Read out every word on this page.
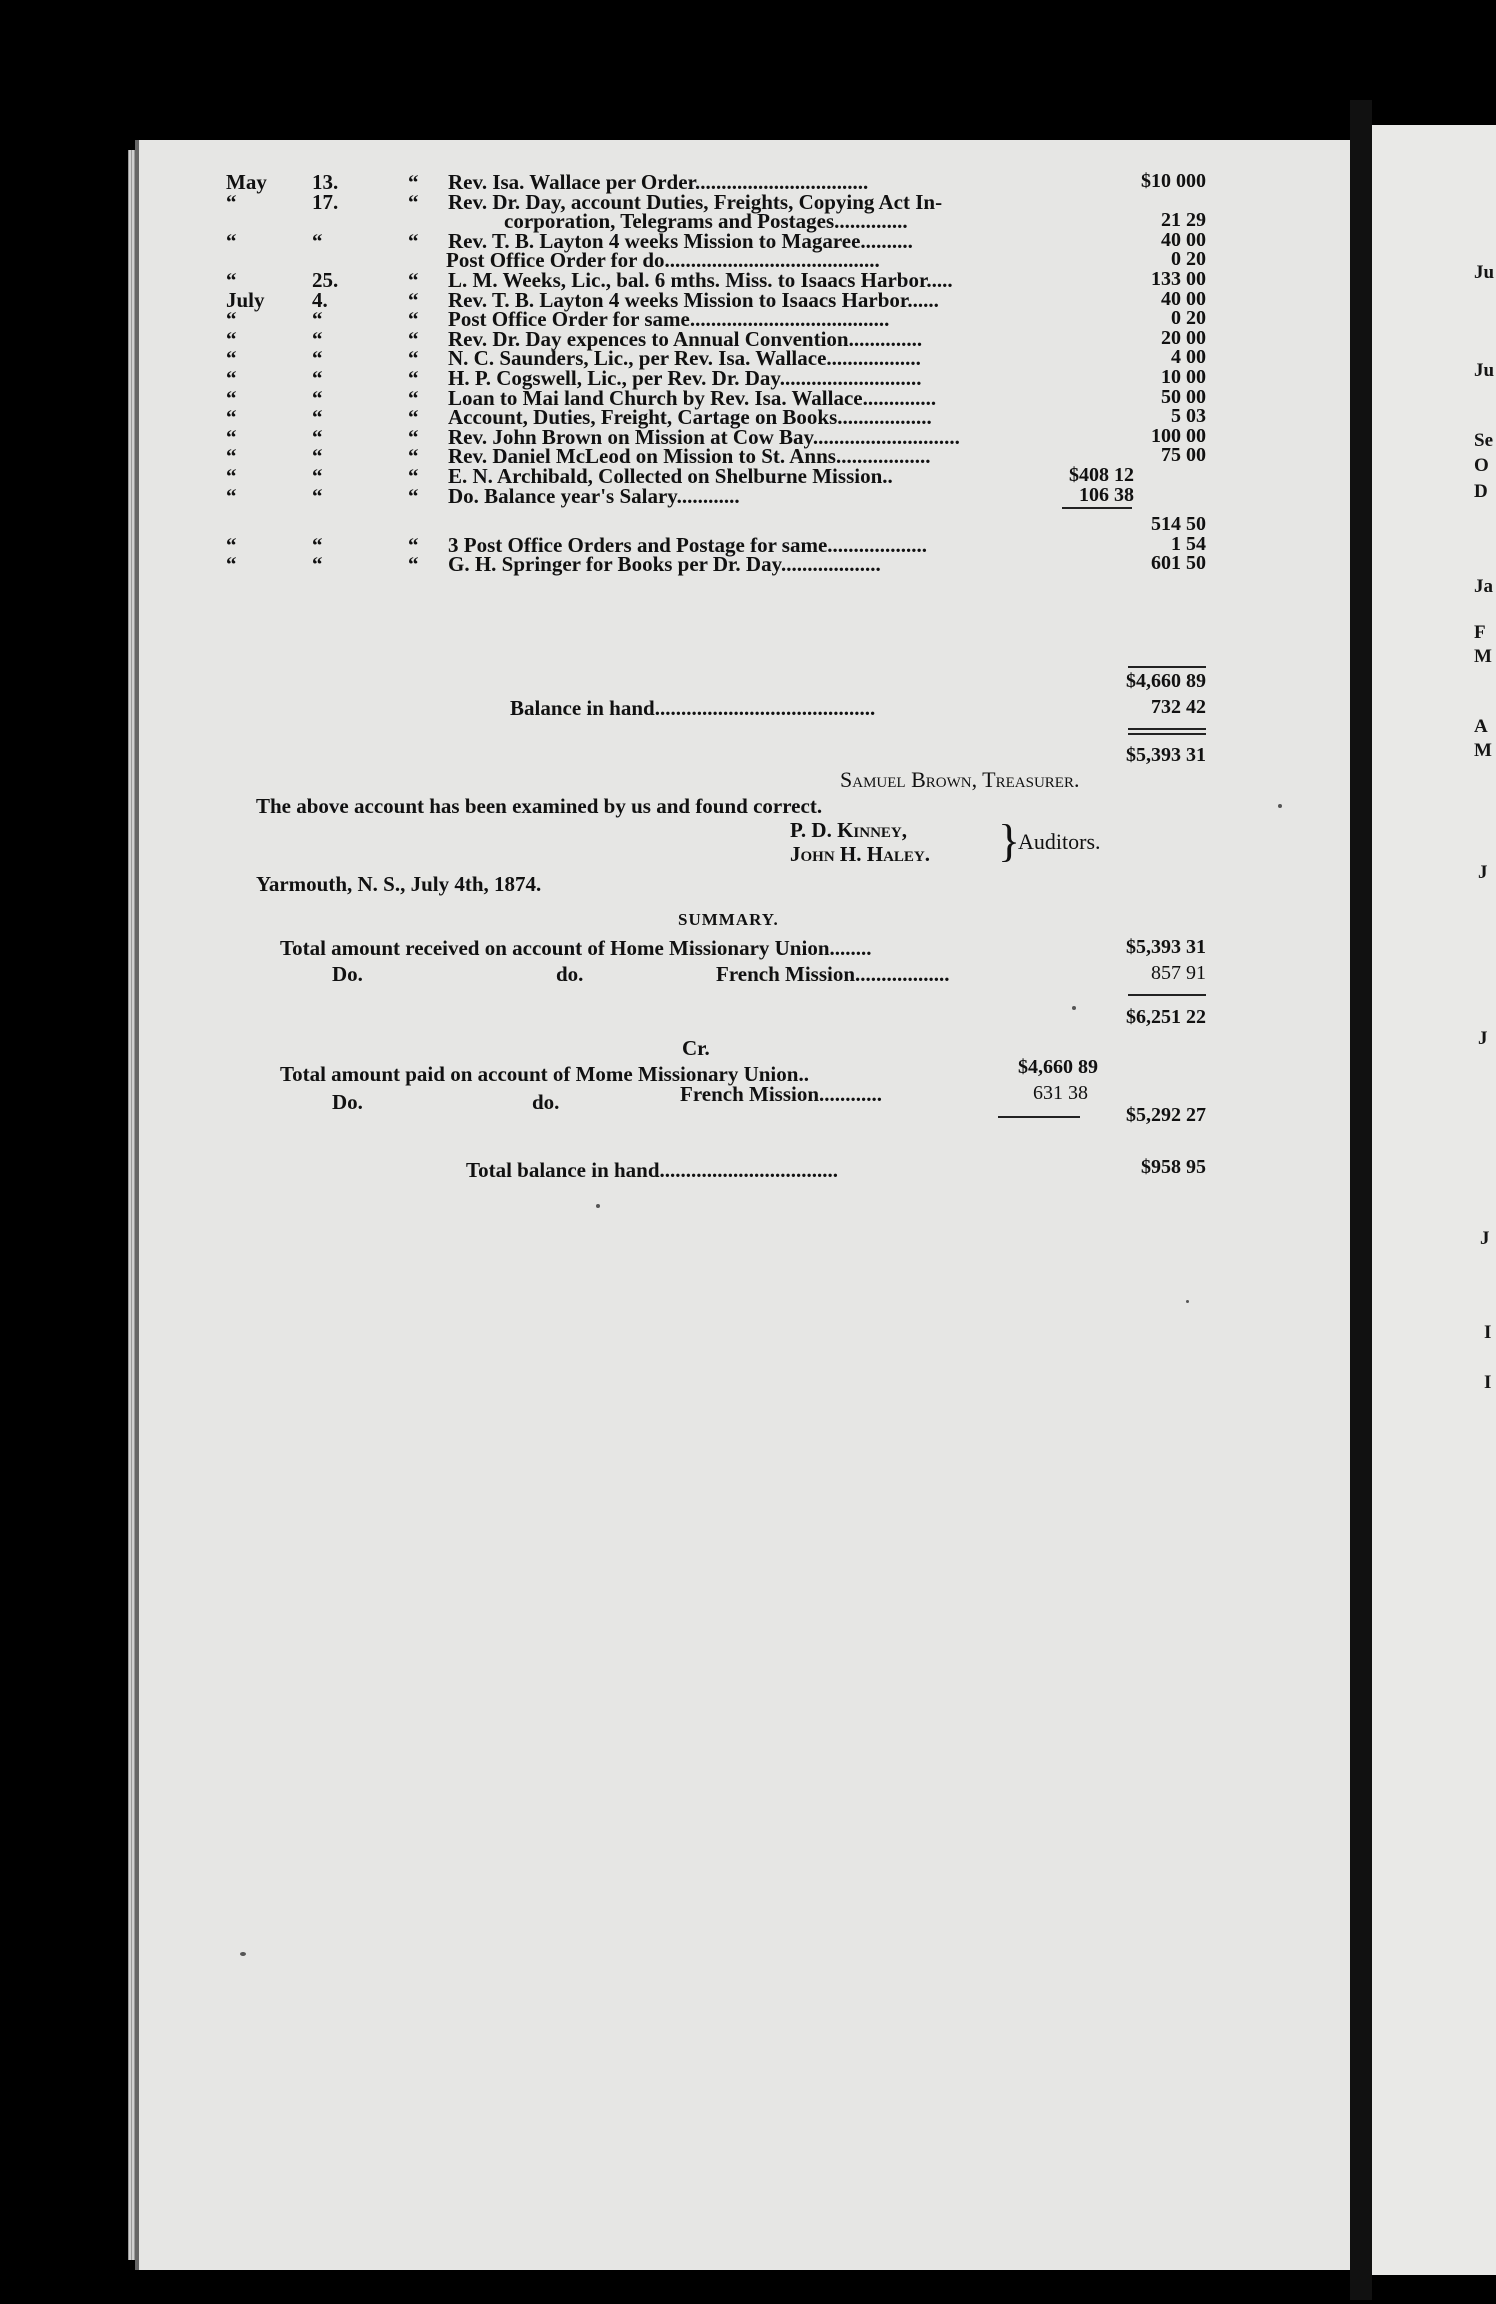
Ju
Ju
Se
O
D
Ja
F
M
A
M
J
J
J
I
I
May 13.	“ Rev. Isa. Wallace per Order.................................	$10 000
“	17.	“ Rev. Dr. Day, account Duties, Freights, Copying Act In-
corporation, Telegrams and Postages..............	21 29
“	“	“ Rev. T. B. Layton 4 weeks Mission to Magaree..........	40 00
Post Office Order for do.........................................	0 20
“	25.	“ L. M. Weeks, Lic., bal. 6 mths. Miss. to Isaacs Harbor.....	133 00
July 4.	“ Rev. T. B. Layton 4 weeks Mission to Isaacs Harbor......	40 00
“	“	“ Post Office Order for same......................................	0 20
“	“	“ Rev. Dr. Day expences to Annual Convention..............	20 00
“	“	“ N. C. Saunders, Lic., per Rev. Isa. Wallace..................	4 00
“	“	“ H. P. Cogswell, Lic., per Rev. Dr. Day...........................	10 00
“	“	“ Loan to Mai land Church by Rev. Isa. Wallace..............	50 00
“	“	“ Account, Duties, Freight, Cartage on Books..................	5 03
“	“	“ Rev. John Brown on Mission at Cow Bay............................	100 00
“	“	“ Rev. Daniel McLeod on Mission to St. Anns..................	75 00
“	“	“ E. N. Archibald, Collected on Shelburne Mission..	$408 12
“	“	“ Do. Balance year's Salary............	106 38
514 50
“	“	“ 3 Post Office Orders and Postage for same...................	1 54
“	“	“ G. H. Springer for Books per Dr. Day...................	601 50
$4,660 89
Balance in hand..........................................	732 42
$5,393 31
Samuel Brown, Treasurer.
The above account has been examined by us and found correct.
P. D. Kinney,
John H. Haley. }
Auditors.
Yarmouth, N. S., July 4th, 1874.
SUMMARY.
Total amount received on account of Home Missionary Union........	$5,393 31
Do.	do.	French Mission..................	857 91
$6,251 22
Cr.
Total amount paid on account of Mome Missionary Union..	$4,660 89
Do.	do.	French Mission............	631 38
$5,292 27
Total balance in hand..................................	$958 95
